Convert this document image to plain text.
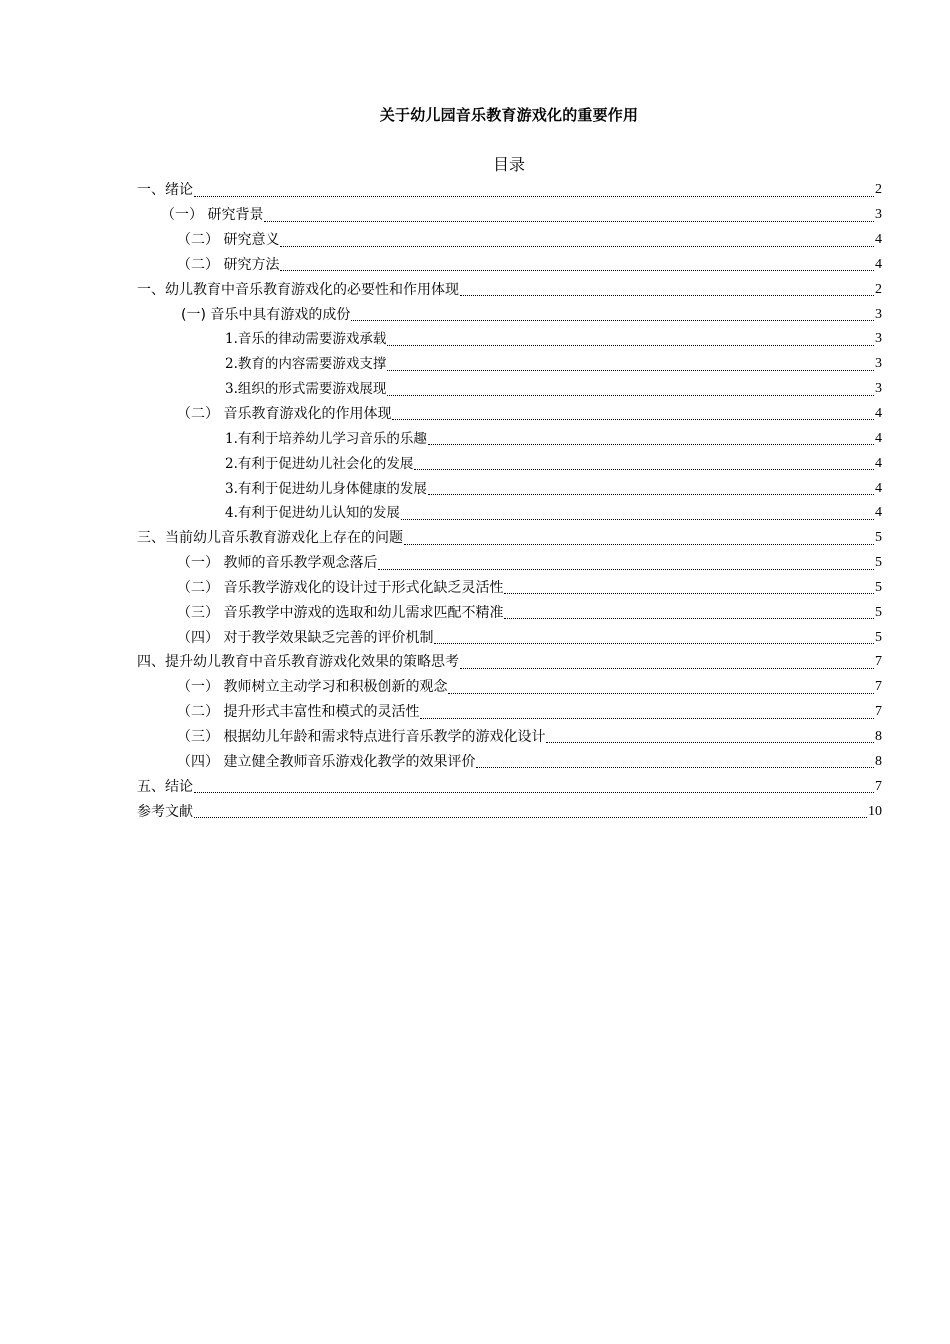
关于幼儿园音乐教育游戏化的重要作用
目录
一、绪论	2
（一） 研究背景	3
（二） 研究意义	4
（二） 研究方法	4
一、幼儿教育中音乐教育游戏化的必要性和作用体现	2
(一) 音乐中具有游戏的成份	3
1.音乐的律动需要游戏承载	3
2.教育的内容需要游戏支撑	3
3.组织的形式需要游戏展现	3
（二） 音乐教育游戏化的作用体现	4
1.有利于培养幼儿学习音乐的乐趣	4
2.有利于促进幼儿社会化的发展	4
3.有利于促进幼儿身体健康的发展	4
4.有利于促进幼儿认知的发展	4
三、当前幼儿音乐教育游戏化上存在的问题	5
（一） 教师的音乐教学观念落后	5
（二） 音乐教学游戏化的设计过于形式化缺乏灵活性	5
（三） 音乐教学中游戏的选取和幼儿需求匹配不精准	5
（四） 对于教学效果缺乏完善的评价机制	5
四、提升幼儿教育中音乐教育游戏化效果的策略思考	7
（一） 教师树立主动学习和积极创新的观念	7
（二） 提升形式丰富性和模式的灵活性	7
（三） 根据幼儿年龄和需求特点进行音乐教学的游戏化设计	8
（四） 建立健全教师音乐游戏化教学的效果评价	8
五、结论	7
参考文献	10
